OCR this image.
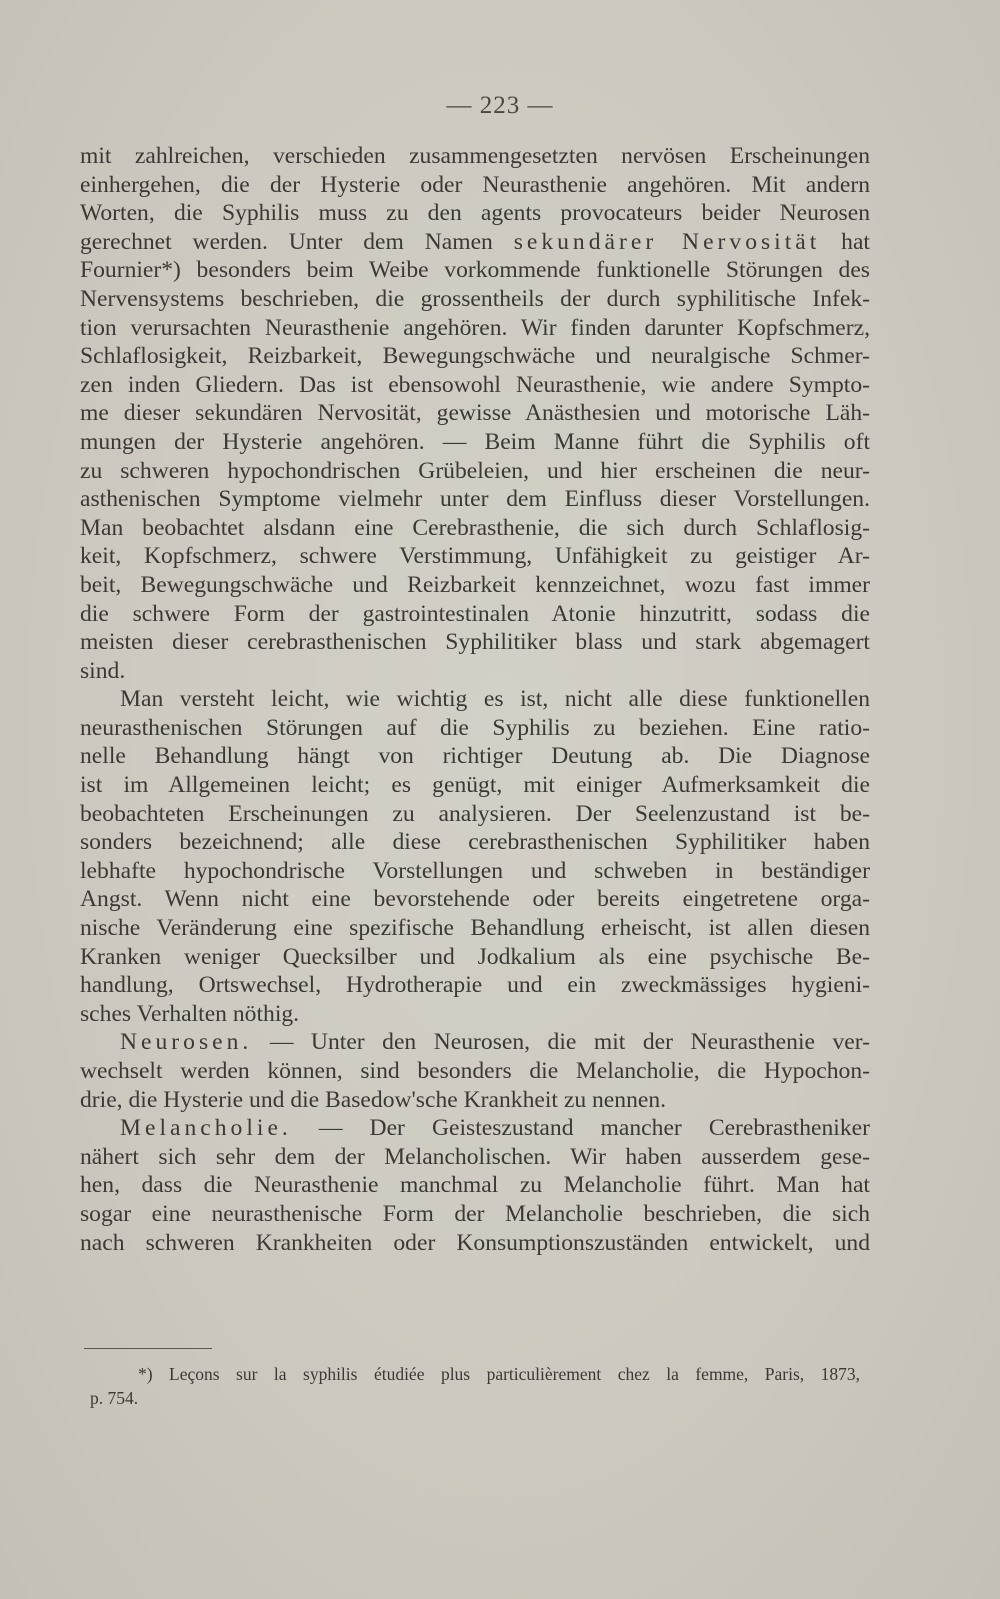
— 223 —
mit zahlreichen, verschieden zusammengesetzten nervösen Erscheinungen
einhergehen, die der Hysterie oder Neurasthenie angehören. Mit andern
Worten, die Syphilis muss zu den agents provocateurs beider Neurosen
gerechnet werden. Unter dem Namen sekundärer Nervosität hat
Fournier*) besonders beim Weibe vorkommende funktionelle Störungen des
Nervensystems beschrieben, die grossentheils der durch syphilitische Infek-
tion verursachten Neurasthenie angehören. Wir finden darunter Kopfschmerz,
Schlaflosigkeit, Reizbarkeit, Bewegungschwäche und neuralgische Schmer-
zen inden Gliedern. Das ist ebensowohl Neurasthenie, wie andere Sympto-
me dieser sekundären Nervosität, gewisse Anästhesien und motorische Läh-
mungen der Hysterie angehören. — Beim Manne führt die Syphilis oft
zu schweren hypochondrischen Grübeleien, und hier erscheinen die neur-
asthenischen Symptome vielmehr unter dem Einfluss dieser Vorstellungen.
Man beobachtet alsdann eine Cerebrasthenie, die sich durch Schlaflosig-
keit, Kopfschmerz, schwere Verstimmung, Unfähigkeit zu geistiger Ar-
beit, Bewegungschwäche und Reizbarkeit kennzeichnet, wozu fast immer
die schwere Form der gastrointestinalen Atonie hinzutritt, sodass die
meisten dieser cerebrasthenischen Syphilitiker blass und stark abgemagert
sind.
Man versteht leicht, wie wichtig es ist, nicht alle diese funktionellen
neurasthenischen Störungen auf die Syphilis zu beziehen. Eine ratio-
nelle Behandlung hängt von richtiger Deutung ab. Die Diagnose
ist im Allgemeinen leicht; es genügt, mit einiger Aufmerksamkeit die
beobachteten Erscheinungen zu analysieren. Der Seelenzustand ist be-
sonders bezeichnend; alle diese cerebrasthenischen Syphilitiker haben
lebhafte hypochondrische Vorstellungen und schweben in beständiger
Angst. Wenn nicht eine bevorstehende oder bereits eingetretene orga-
nische Veränderung eine spezifische Behandlung erheischt, ist allen diesen
Kranken weniger Quecksilber und Jodkalium als eine psychische Be-
handlung, Ortswechsel, Hydrotherapie und ein zweckmässiges hygieni-
sches Verhalten nöthig.
Neurosen. — Unter den Neurosen, die mit der Neurasthenie ver-
wechselt werden können, sind besonders die Melancholie, die Hypochon-
drie, die Hysterie und die Basedow'sche Krankheit zu nennen.
Melancholie. — Der Geisteszustand mancher Cerebrastheniker
nähert sich sehr dem der Melancholischen. Wir haben ausserdem gese-
hen, dass die Neurasthenie manchmal zu Melancholie führt. Man hat
sogar eine neurasthenische Form der Melancholie beschrieben, die sich
nach schweren Krankheiten oder Konsumptionszuständen entwickelt, und
*) Leçons sur la syphilis étudiée plus particulièrement chez la femme, Paris, 1873,
p. 754.
